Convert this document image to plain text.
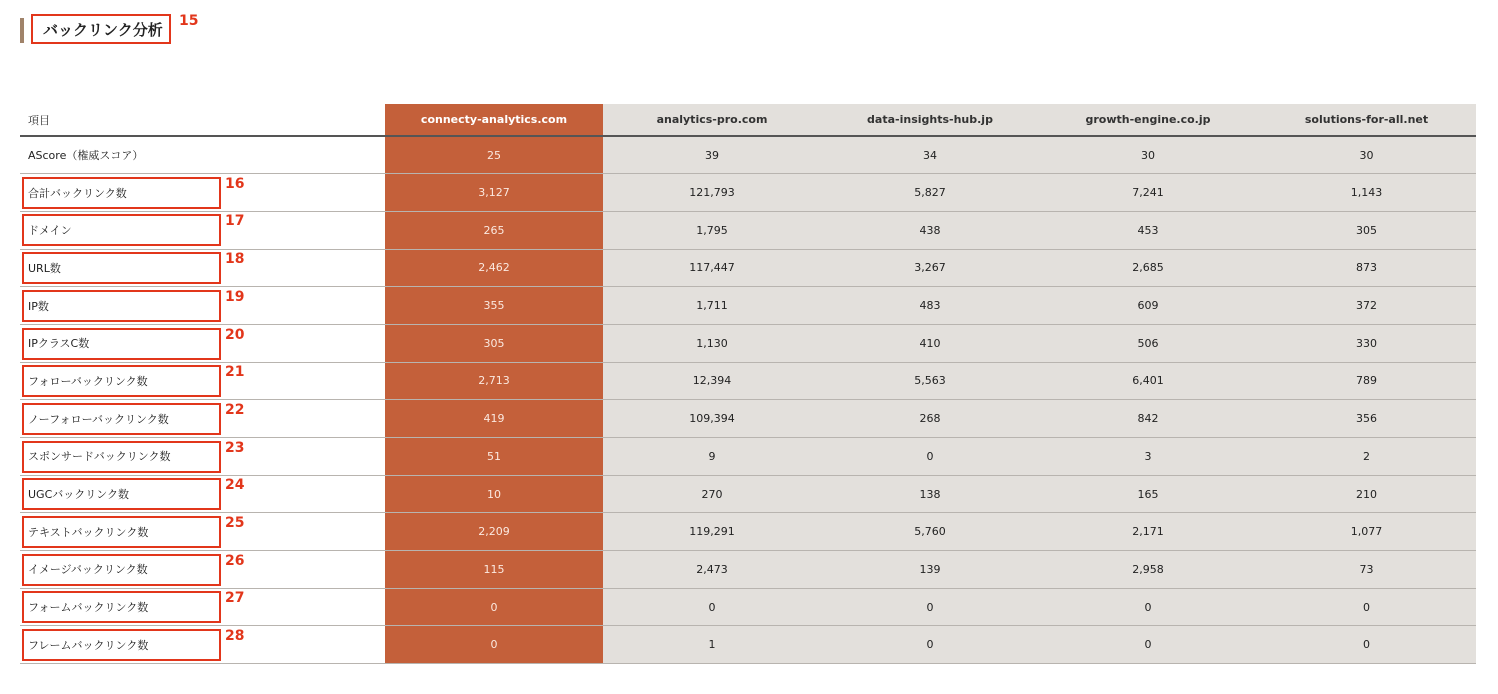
バックリンク分析 15
項目	connecty-analytics.com	analytics-pro.com	data-insights-hub.jp	growth-engine.co.jp	solutions-for-all.net
AScore（権威スコア）	25	39	34	30	30
合計バックリンク数	3,127	121,793	5,827	7,241	1,143
ドメイン	265	1,795	438	453	305
URL数	2,462	117,447	3,267	2,685	873
IP数	355	1,711	483	609	372
IPクラスC数	305	1,130	410	506	330
フォローバックリンク数	2,713	12,394	5,563	6,401	789
ノーフォローバックリンク数	419	109,394	268	842	356
スポンサードバックリンク数	51	9	0	3	2
UGCバックリンク数	10	270	138	165	210
テキストバックリンク数	2,209	119,291	5,760	2,171	1,077
イメージバックリンク数	115	2,473	139	2,958	73
フォームバックリンク数	0	0	0	0	0
フレームバックリンク数	0	1	0	0	0
16
17
18
19
20
21
22
23
24
25
26
27
28
